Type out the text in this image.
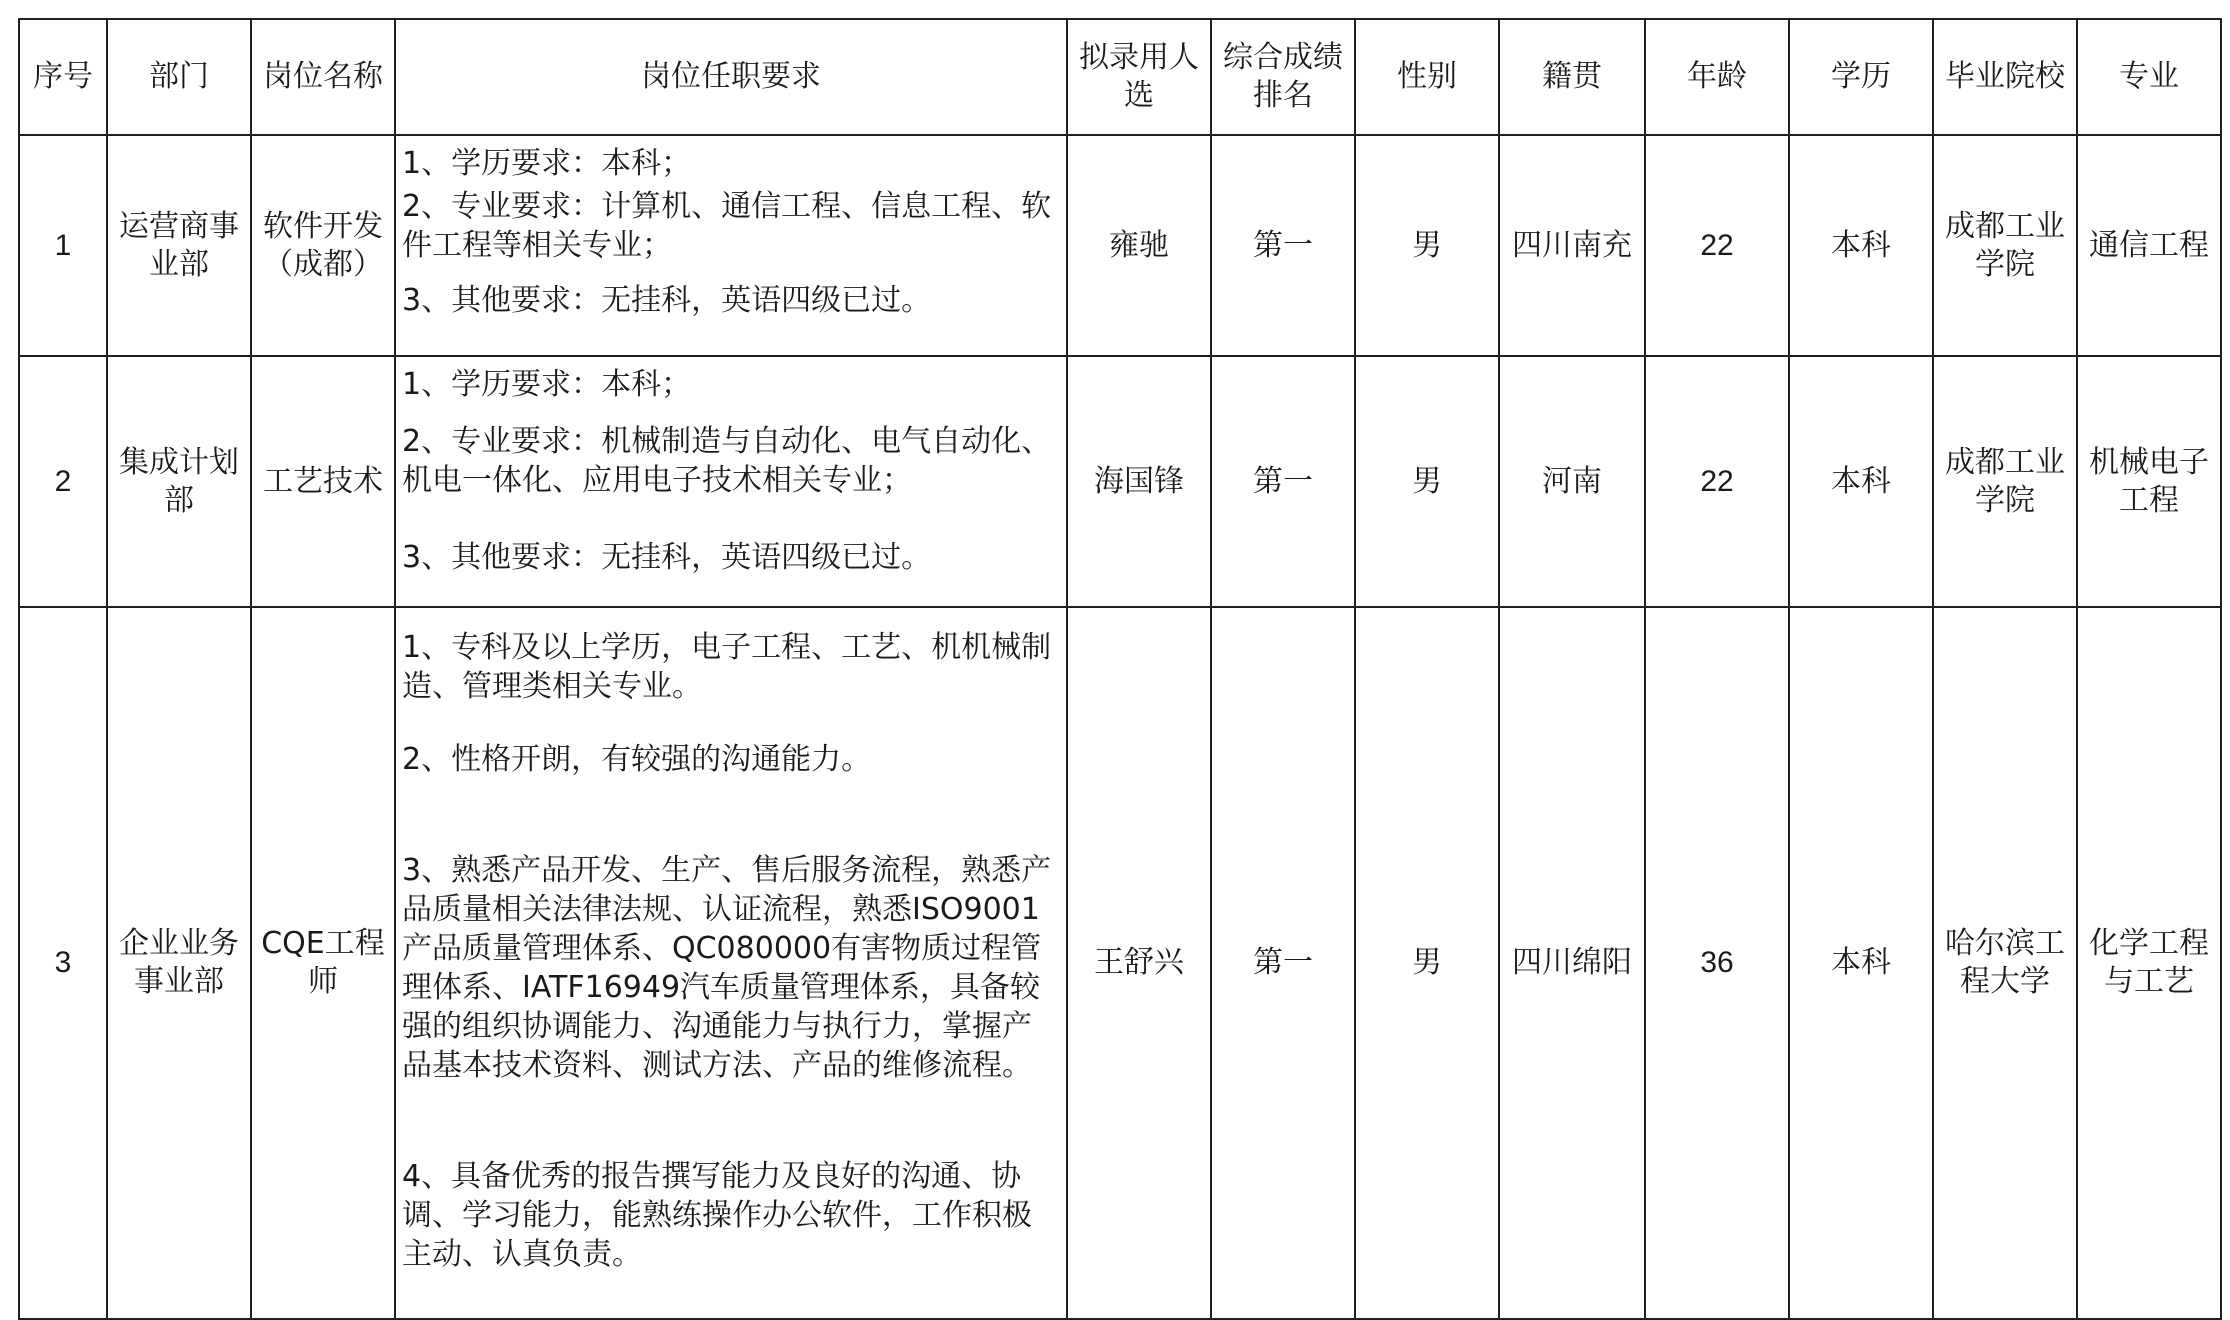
序号	部门	岗位名称	岗位任职要求	拟录用人选	综合成绩排名	性别	籍贯	年龄	学历	毕业院校	专业
1	运营商事业部	软件开发（成都）	1、学历要求：本科；

2、专业要求：计算机、通信工程、信息工程、软件工程等相关专业；

3、其他要求：无挂科，英语四级已过。	雍驰	第一	男	四川南充	22	本科	成都工业学院	通信工程
2	集成计划部	工艺技术	1、学历要求：本科；

2、专业要求：机械制造与自动化、电气自动化、机电一体化、应用电子技术相关专业；

3、其他要求：无挂科，英语四级已过。	海国锋	第一	男	河南	22	本科	成都工业学院	机械电子工程
3	企业业务事业部	CQE工程师	1、专科及以上学历，电子工程、工艺、机机械制造、管理类相关专业。

2、性格开朗，有较强的沟通能力。

3、熟悉产品开发、生产、售后服务流程，熟悉产品质量相关法律法规、认证流程，熟悉ISO9001产品质量管理体系、QC080000有害物质过程管理体系、IATF16949汽车质量管理体系，具备较强的组织协调能力、沟通能力与执行力，掌握产品基本技术资料、测试方法、产品的维修流程。

4、具备优秀的报告撰写能力及良好的沟通、协调、学习能力，能熟练操作办公软件，工作积极主动、认真负责。	王舒兴	第一	男	四川绵阳	36	本科	哈尔滨工程大学	化学工程与工艺
